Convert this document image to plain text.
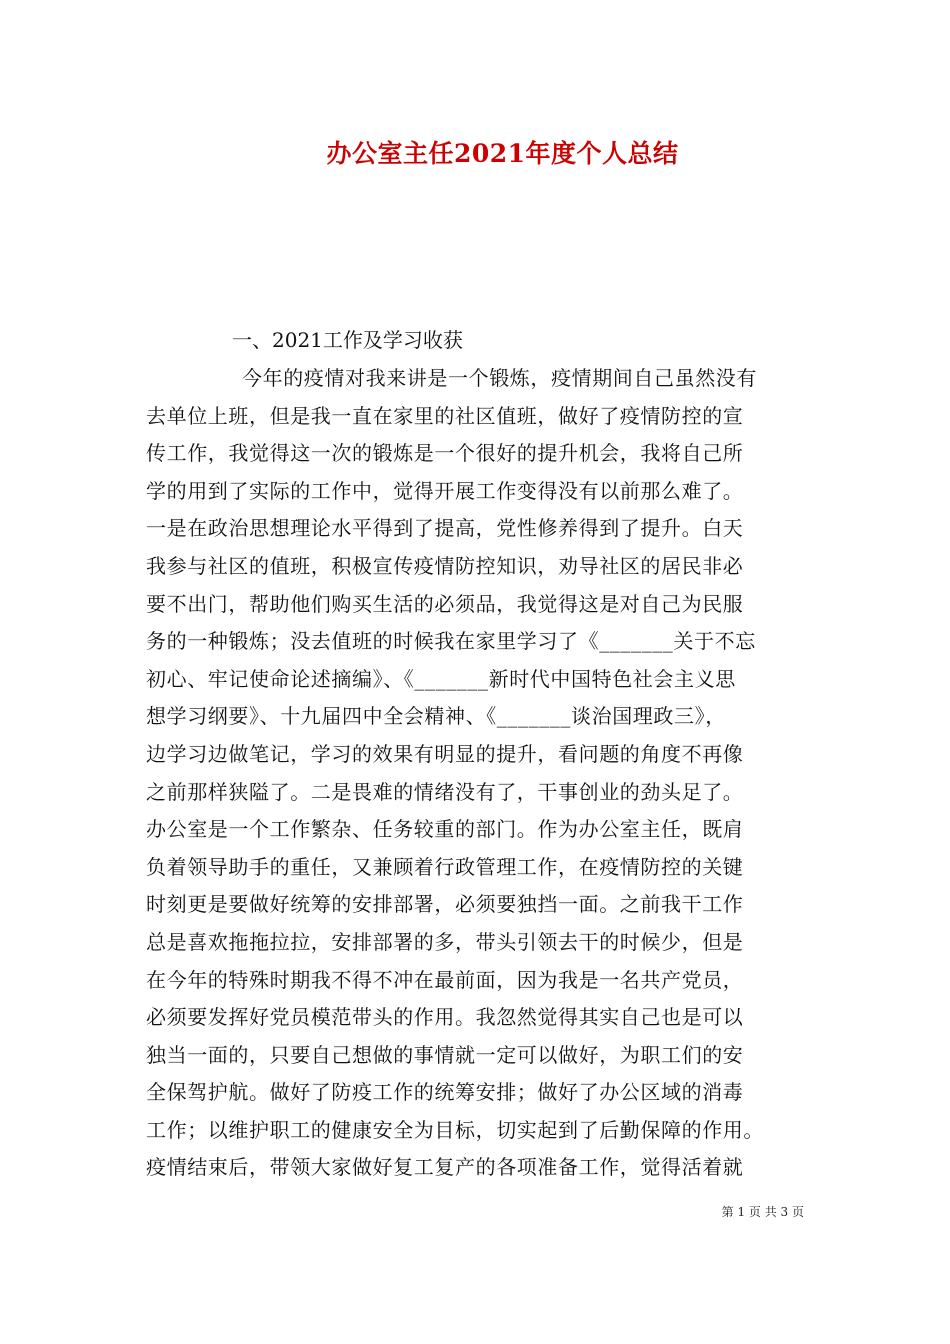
办公室主任2021年度个人总结
一、2021工作及学习收获
今年的疫情对我来讲是一个锻炼，疫情期间自己虽然没有
去单位上班，但是我一直在家里的社区值班，做好了疫情防控的宣
传工作，我觉得这一次的锻炼是一个很好的提升机会，我将自己所
学的用到了实际的工作中，觉得开展工作变得没有以前那么难了。
一是在政治思想理论水平得到了提高，党性修养得到了提升。白天
我参与社区的值班，积极宣传疫情防控知识，劝导社区的居民非必
要不出门，帮助他们购买生活的必须品，我觉得这是对自己为民服
务的一种锻炼；没去值班的时候我在家里学习了《_______关于不忘
初心、牢记使命论述摘编》、《_______新时代中国特色社会主义思
想学习纲要》、十九届四中全会精神、《_______谈治国理政三》，
边学习边做笔记，学习的效果有明显的提升，看问题的角度不再像
之前那样狭隘了。二是畏难的情绪没有了，干事创业的劲头足了。
办公室是一个工作繁杂、任务较重的部门。作为办公室主任，既肩
负着领导助手的重任，又兼顾着行政管理工作，在疫情防控的关键
时刻更是要做好统筹的安排部署，必须要独挡一面。之前我干工作
总是喜欢拖拖拉拉，安排部署的多，带头引领去干的时候少，但是
在今年的特殊时期我不得不冲在最前面，因为我是一名共产党员，
必须要发挥好党员模范带头的作用。我忽然觉得其实自己也是可以
独当一面的，只要自己想做的事情就一定可以做好，为职工们的安
全保驾护航。做好了防疫工作的统筹安排；做好了办公区域的消毒
工作；以维护职工的健康安全为目标，切实起到了后勤保障的作用。
疫情结束后，带领大家做好复工复产的各项准备工作，觉得活着就
第 1 页 共 3 页
